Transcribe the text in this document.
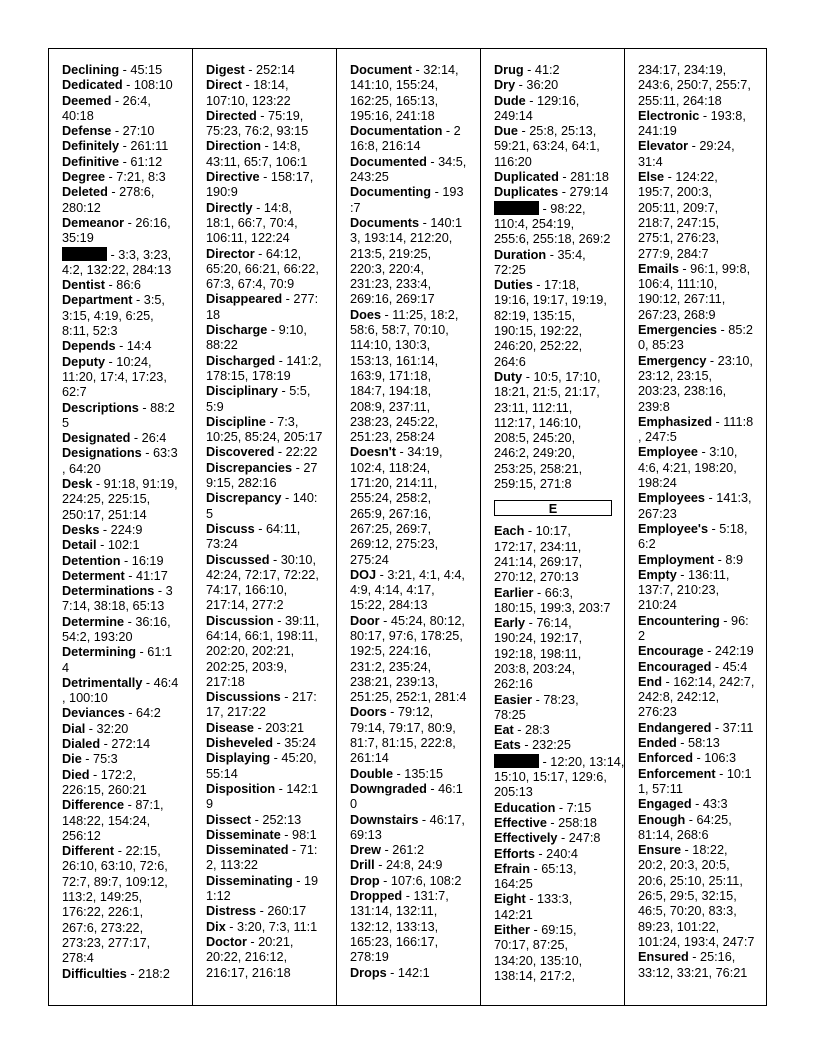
Declining - 45:15
Dedicated - 108:10
Deemed - 26:4,
40:18
Defense - 27:10
Definitely - 261:11
Definitive - 61:12
Degree - 7:21, 8:3
Deleted - 278:6,
280:12
Demeanor - 26:16,
35:19
- 3:3, 3:23,
4:2, 132:22, 284:13
Dentist - 86:6
Department - 3:5,
3:15, 4:19, 6:25,
8:11, 52:3
Depends - 14:4
Deputy - 10:24,
11:20, 17:4, 17:23,
62:7
Descriptions - 88:2
5
Designated - 26:4
Designations - 63:3
, 64:20
Desk - 91:18, 91:19,
224:25, 225:15,
250:17, 251:14
Desks - 224:9
Detail - 102:1
Detention - 16:19
Determent - 41:17
Determinations - 3
7:14, 38:18, 65:13
Determine - 36:16,
54:2, 193:20
Determining - 61:1
4
Detrimentally - 46:4
, 100:10
Deviances - 64:2
Dial - 32:20
Dialed - 272:14
Die - 75:3
Died - 172:2,
226:15, 260:21
Difference - 87:1,
148:22, 154:24,
256:12
Different - 22:15,
26:10, 63:10, 72:6,
72:7, 89:7, 109:12,
113:2, 149:25,
176:22, 226:1,
267:6, 273:22,
273:23, 277:17,
278:4
Difficulties - 218:2
Digest - 252:14
Direct - 18:14,
107:10, 123:22
Directed - 75:19,
75:23, 76:2, 93:15
Direction - 14:8,
43:11, 65:7, 106:1
Directive - 158:17,
190:9
Directly - 14:8,
18:1, 66:7, 70:4,
106:11, 122:24
Director - 64:12,
65:20, 66:21, 66:22,
67:3, 67:4, 70:9
Disappeared - 277:
18
Discharge - 9:10,
88:22
Discharged - 141:2,
178:15, 178:19
Disciplinary - 5:5,
5:9
Discipline - 7:3,
10:25, 85:24, 205:17
Discovered - 22:22
Discrepancies - 27
9:15, 282:16
Discrepancy - 140:
5
Discuss - 64:11,
73:24
Discussed - 30:10,
42:24, 72:17, 72:22,
74:17, 166:10,
217:14, 277:2
Discussion - 39:11,
64:14, 66:1, 198:11,
202:20, 202:21,
202:25, 203:9,
217:18
Discussions - 217:
17, 217:22
Disease - 203:21
Disheveled - 35:24
Displaying - 45:20,
55:14
Disposition - 142:1
9
Dissect - 252:13
Disseminate - 98:1
Disseminated - 71:
2, 113:22
Disseminating - 19
1:12
Distress - 260:17
Dix - 3:20, 7:3, 11:1
Doctor - 20:21,
20:22, 216:12,
216:17, 216:18
Document - 32:14,
141:10, 155:24,
162:25, 165:13,
195:16, 241:18
Documentation - 2
16:8, 216:14
Documented - 34:5,
243:25
Documenting - 193
:7
Documents - 140:1
3, 193:14, 212:20,
213:5, 219:25,
220:3, 220:4,
231:23, 233:4,
269:16, 269:17
Does - 11:25, 18:2,
58:6, 58:7, 70:10,
114:10, 130:3,
153:13, 161:14,
163:9, 171:18,
184:7, 194:18,
208:9, 237:11,
238:23, 245:22,
251:23, 258:24
Doesn't - 34:19,
102:4, 118:24,
171:20, 214:11,
255:24, 258:2,
265:9, 267:16,
267:25, 269:7,
269:12, 275:23,
275:24
DOJ - 3:21, 4:1, 4:4,
4:9, 4:14, 4:17,
15:22, 284:13
Door - 45:24, 80:12,
80:17, 97:6, 178:25,
192:5, 224:16,
231:2, 235:24,
238:21, 239:13,
251:25, 252:1, 281:4
Doors - 79:12,
79:14, 79:17, 80:9,
81:7, 81:15, 222:8,
261:14
Double - 135:15
Downgraded - 46:1
0
Downstairs - 46:17,
69:13
Drew - 261:2
Drill - 24:8, 24:9
Drop - 107:6, 108:2
Dropped - 131:7,
131:14, 132:11,
132:12, 133:13,
165:23, 166:17,
278:19
Drops - 142:1
Drug - 41:2
Dry - 36:20
Dude - 129:16,
249:14
Due - 25:8, 25:13,
59:21, 63:24, 64:1,
116:20
Duplicated - 281:18
Duplicates - 279:14
- 98:22,
110:4, 254:19,
255:6, 255:18, 269:2
Duration - 35:4,
72:25
Duties - 17:18,
19:16, 19:17, 19:19,
82:19, 135:15,
190:15, 192:22,
246:20, 252:22,
264:6
Duty - 10:5, 17:10,
18:21, 21:5, 21:17,
23:11, 112:11,
112:17, 146:10,
208:5, 245:20,
246:2, 249:20,
253:25, 258:21,
259:15, 271:8
E
Each - 10:17,
172:17, 234:11,
241:14, 269:17,
270:12, 270:13
Earlier - 66:3,
180:15, 199:3, 203:7
Early - 76:14,
190:24, 192:17,
192:18, 198:11,
203:8, 203:24,
262:16
Easier - 78:23,
78:25
Eat - 28:3
Eats - 232:25
- 12:20, 13:14,
15:10, 15:17, 129:6,
205:13
Education - 7:15
Effective - 258:18
Effectively - 247:8
Efforts - 240:4
Efrain - 65:13,
164:25
Eight - 133:3,
142:21
Either - 69:15,
70:17, 87:25,
134:20, 135:10,
138:14, 217:2,
234:17, 234:19,
243:6, 250:7, 255:7,
255:11, 264:18
Electronic - 193:8,
241:19
Elevator - 29:24,
31:4
Else - 124:22,
195:7, 200:3,
205:11, 209:7,
218:7, 247:15,
275:1, 276:23,
277:9, 284:7
Emails - 96:1, 99:8,
106:4, 111:10,
190:12, 267:11,
267:23, 268:9
Emergencies - 85:2
0, 85:23
Emergency - 23:10,
23:12, 23:15,
203:23, 238:16,
239:8
Emphasized - 111:8
, 247:5
Employee - 3:10,
4:6, 4:21, 198:20,
198:24
Employees - 141:3,
267:23
Employee's - 5:18,
6:2
Employment - 8:9
Empty - 136:11,
137:7, 210:23,
210:24
Encountering - 96:
2
Encourage - 242:19
Encouraged - 45:4
End - 162:14, 242:7,
242:8, 242:12,
276:23
Endangered - 37:11
Ended - 58:13
Enforced - 106:3
Enforcement - 10:1
1, 57:11
Engaged - 43:3
Enough - 64:25,
81:14, 268:6
Ensure - 18:22,
20:2, 20:3, 20:5,
20:6, 25:10, 25:11,
26:5, 29:5, 32:15,
46:5, 70:20, 83:3,
89:23, 101:22,
101:24, 193:4, 247:7
Ensured - 25:16,
33:12, 33:21, 76:21
